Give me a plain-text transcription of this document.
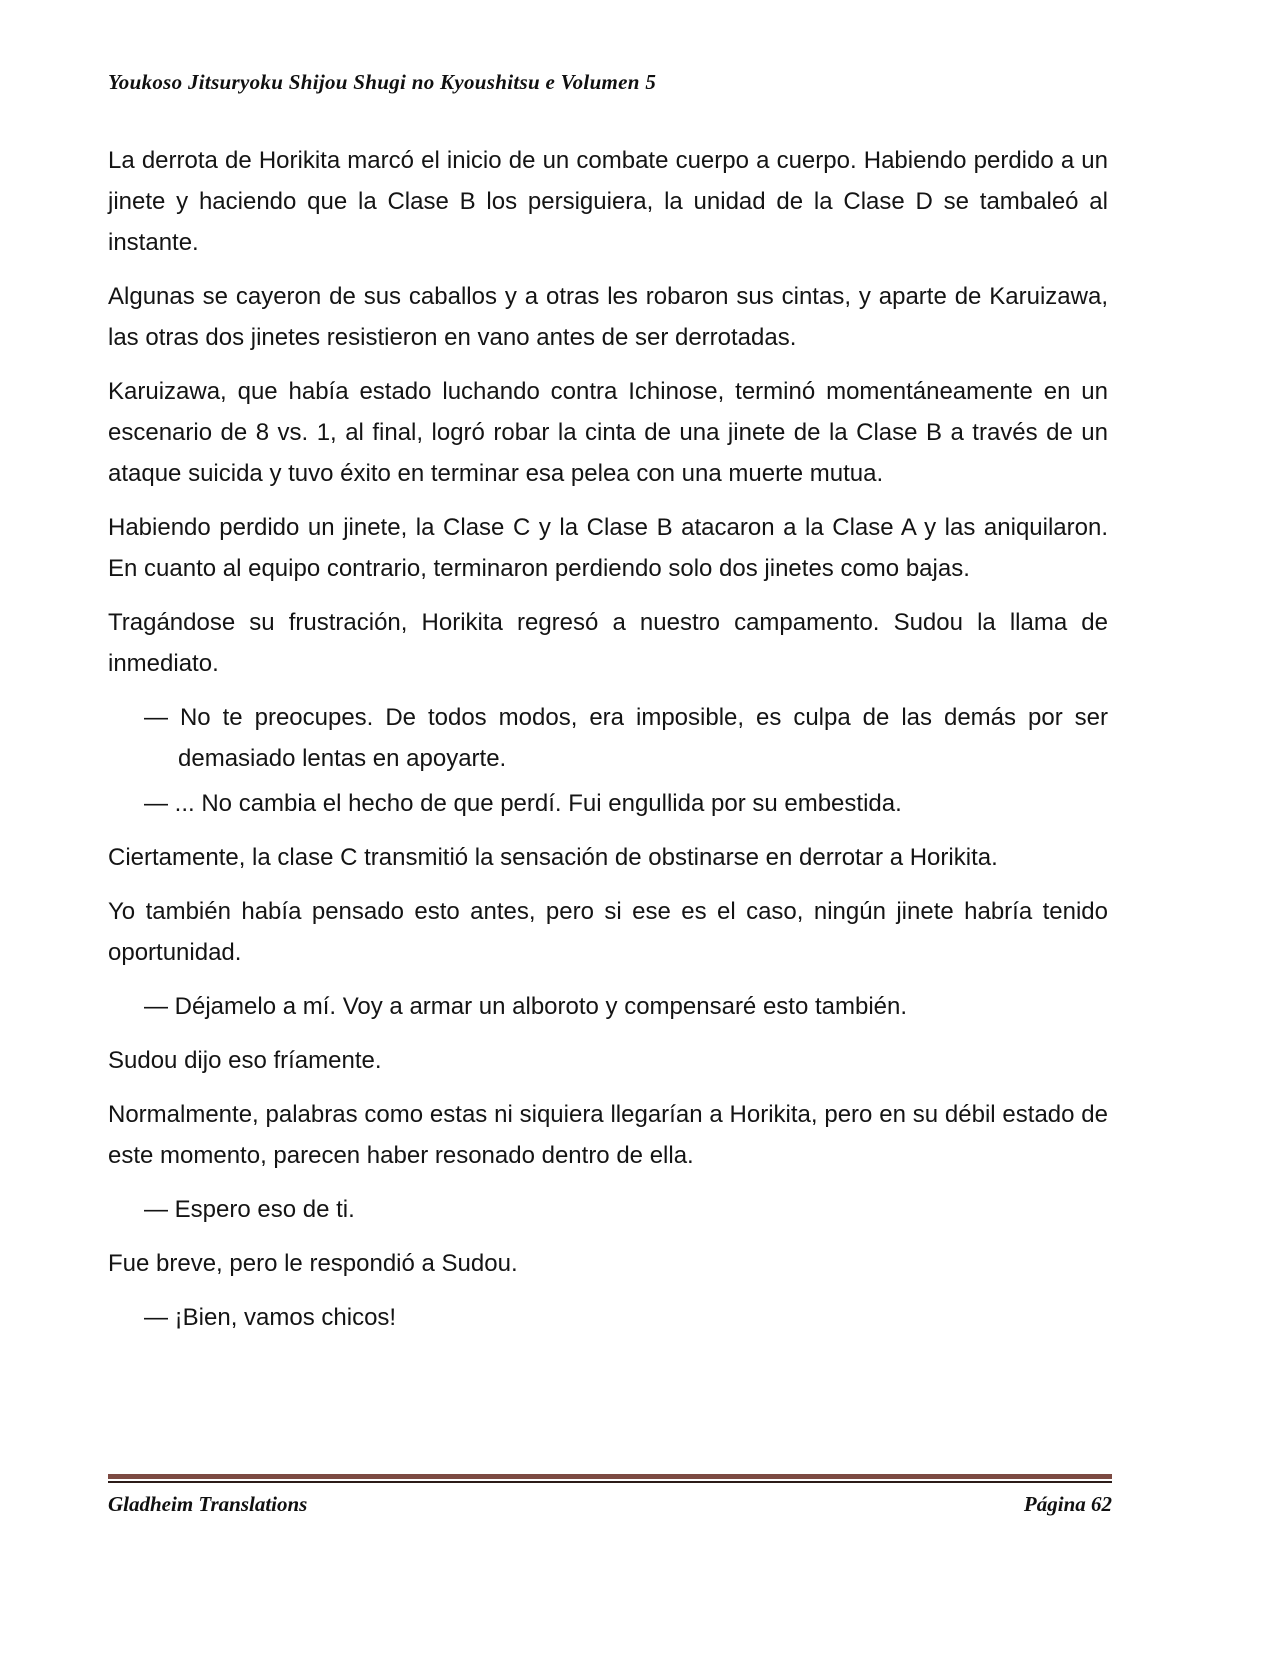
Youkoso Jitsuryoku Shijou Shugi no Kyoushitsu e Volumen 5

La derrota de Horikita marcó el inicio de un combate cuerpo a cuerpo. Habiendo perdido a un jinete y haciendo que la Clase B los persiguiera, la unidad de la Clase D se tambaleó al instante.

Algunas se cayeron de sus caballos y a otras les robaron sus cintas, y aparte de Karuizawa, las otras dos jinetes resistieron en vano antes de ser derrotadas.

Karuizawa, que había estado luchando contra Ichinose, terminó momentáneamente en un escenario de 8 vs. 1, al final, logró robar la cinta de una jinete de la Clase B a través de un ataque suicida y tuvo éxito en terminar esa pelea con una muerte mutua.

Habiendo perdido un jinete, la Clase C y la Clase B atacaron a la Clase A y las aniquilaron. En cuanto al equipo contrario, terminaron perdiendo solo dos jinetes como bajas.

Tragándose su frustración, Horikita regresó a nuestro campamento. Sudou la llama de inmediato.

— No te preocupes. De todos modos, era imposible, es culpa de las demás por ser demasiado lentas en apoyarte.

— ... No cambia el hecho de que perdí. Fui engullida por su embestida.

Ciertamente, la clase C transmitió la sensación de obstinarse en derrotar a Horikita.

Yo también había pensado esto antes, pero si ese es el caso, ningún jinete habría tenido oportunidad.

— Déjamelo a mí. Voy a armar un alboroto y compensaré esto también.

Sudou dijo eso fríamente.

Normalmente, palabras como estas ni siquiera llegarían a Horikita, pero en su débil estado de este momento, parecen haber resonado dentro de ella.

— Espero eso de ti.

Fue breve, pero le respondió a Sudou.

— ¡Bien, vamos chicos!

Gladheim Translations	Página 62
